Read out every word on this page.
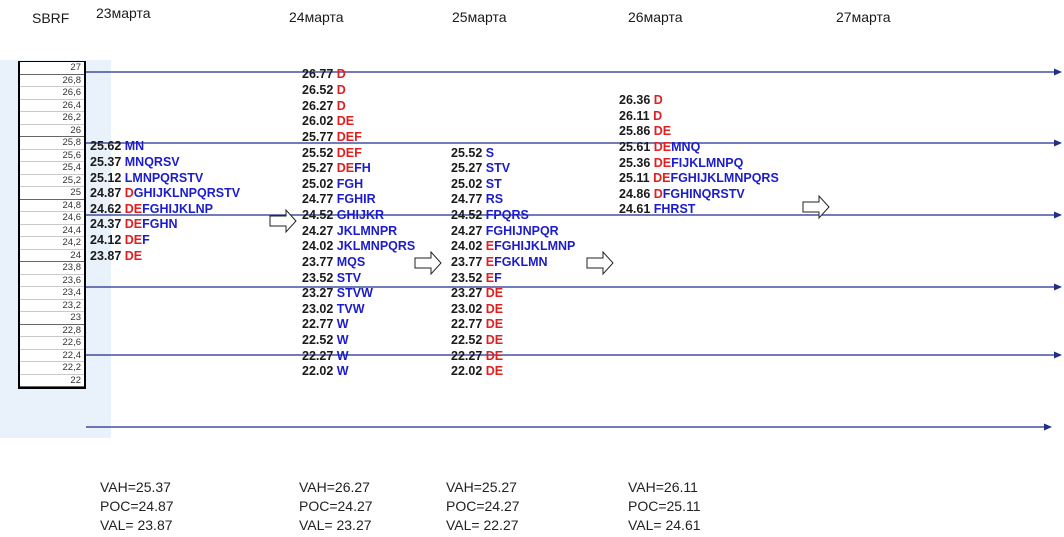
SBRF 23марта	24марта	25марта	26марта	27марта
27
26,8
26,6
26,4
26,2
26
25,8
25,6
25,4
25,2
25
24,8
24,6
24,4
24,2
24
23,8
23,6
23,4
23,2
23
22,8
22,6
22,4
22,2
22
25.62 MN
25.37 MNQRSV
25.12 LMNPQRSTV
24.87 DGHIJKLNPQRSTV
24.62 DEFGHIJKLNP
24.37 DEFGHN
24.12 DEF
23.87 DE
26.77 D
26.52 D
26.27 D
26.02 DE
25.77 DEF
25.52 DEF
25.27 DEFH
25.02 FGH
24.77 FGHIR
24.52 GHIJKR
24.27 JKLMNPR
24.02 JKLMNPQRS
23.77 MQS
23.52 STV
23.27 STVW
23.02 TVW
22.77 W
22.52 W
22.27 W
22.02 W
25.52 S
25.27 STV
25.02 ST
24.77 RS
24.52 FPQRS
24.27 FGHIJNPQR
24.02 EFGHIJKLMNP
23.77 EFGKLMN
23.52 EF
23.27 DE
23.02 DE
22.77 DE
22.52 DE
22.27 DE
22.02 DE
26.36 D
26.11 D
25.86 DE
25.61 DEMNQ
25.36 DEFIJKLMNPQ
25.11 DEFGHIJKLMNPQRS
24.86 DFGHINQRSTV
24.61 FHRST
VAH=25.37
POC=24.87
VAL= 23.87
VAH=26.27
POC=24.27
VAL= 23.27
VAH=25.27
POC=24.27
VAL= 22.27
VAH=26.11
POC=25.11
VAL= 24.61
